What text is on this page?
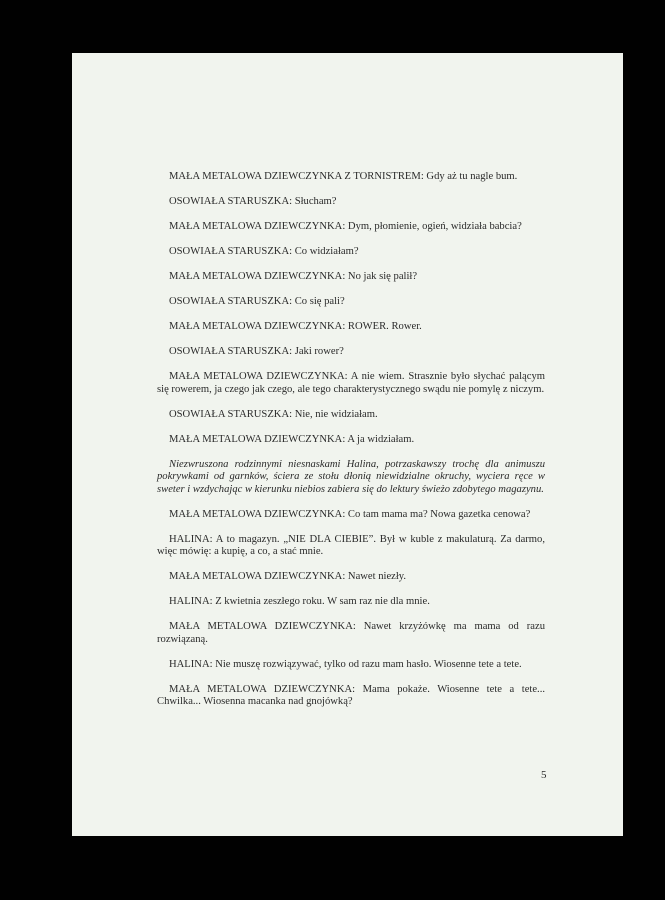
MAŁA METALOWA DZIEWCZYNKA Z TORNISTREM: Gdy aż tu nagle bum.

OSOWIAŁA STARUSZKA: Słucham?

MAŁA METALOWA DZIEWCZYNKA: Dym, płomienie, ogień, widziała babcia?

OSOWIAŁA STARUSZKA: Co widziałam?

MAŁA METALOWA DZIEWCZYNKA: No jak się palił?

OSOWIAŁA STARUSZKA: Co się pali?

MAŁA METALOWA DZIEWCZYNKA: ROWER. Rower.

OSOWIAŁA STARUSZKA: Jaki rower?

MAŁA METALOWA DZIEWCZYNKA: A nie wiem. Strasznie było słychać palącym się rowerem, ja czego jak czego, ale tego charakterystycznego swądu nie pomylę z niczym.

OSOWIAŁA STARUSZKA: Nie, nie widziałam.

MAŁA METALOWA DZIEWCZYNKA: A ja widziałam.

Niezwruszona rodzinnymi niesnaskami Halina, potrzaskawszy trochę dla animuszu pokrywkami od garnków, ściera ze stołu dłonią niewidzialne okruchy, wyciera ręce w sweter i wzdychając w kierunku niebios zabiera się do lektury świeżo zdobytego magazynu.

MAŁA METALOWA DZIEWCZYNKA: Co tam mama ma? Nowa gazetka cenowa?

HALINA: A to magazyn. „NIE DLA CIEBIE”. Był w kuble z makulaturą. Za darmo, więc mówię: a kupię, a co, a stać mnie.

MAŁA METALOWA DZIEWCZYNKA: Nawet niezły.

HALINA: Z kwietnia zeszłego roku. W sam raz nie dla mnie.

MAŁA METALOWA DZIEWCZYNKA: Nawet krzyżówkę ma mama od razu rozwiązaną.

HALINA: Nie muszę rozwiązywać, tylko od razu mam hasło. Wiosenne tete a tete.

MAŁA METALOWA DZIEWCZYNKA: Mama pokaże. Wiosenne tete a tete... Chwilka... Wiosenna macanka nad gnojówką?

5
